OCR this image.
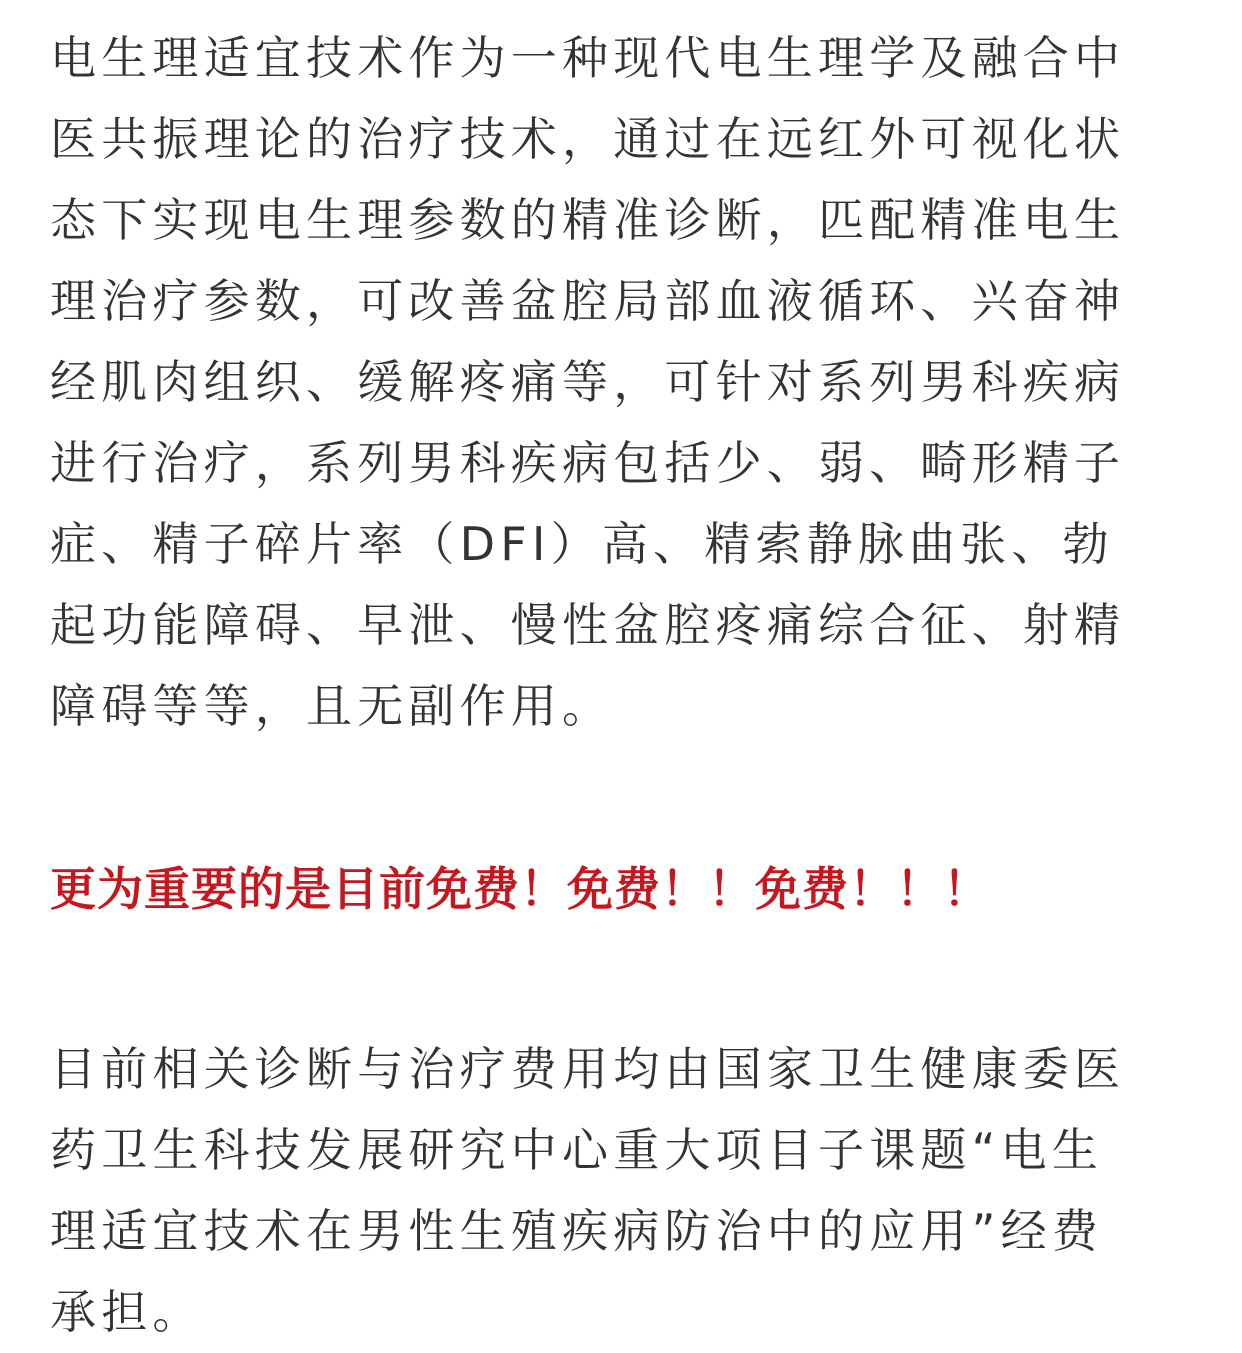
电生理适宜技术作为一种现代电生理学及融合中
医共振理论的治疗技术，通过在远红外可视化状
态下实现电生理参数的精准诊断，匹配精准电生
理治疗参数，可改善盆腔局部血液循环、兴奋神
经肌肉组织、缓解疼痛等，可针对系列男科疾病
进行治疗，系列男科疾病包括少、弱、畸形精子
症、精子碎片率（DFI）高、精索静脉曲张、勃
起功能障碍、早泄、慢性盆腔疼痛综合征、射精
障碍等等，且无副作用。

更为重要的是目前免费！免费！！免费！！！

目前相关诊断与治疗费用均由国家卫生健康委医
药卫生科技发展研究中心重大项目子课题“电生
理适宜技术在男性生殖疾病防治中的应用”经费
承担。
